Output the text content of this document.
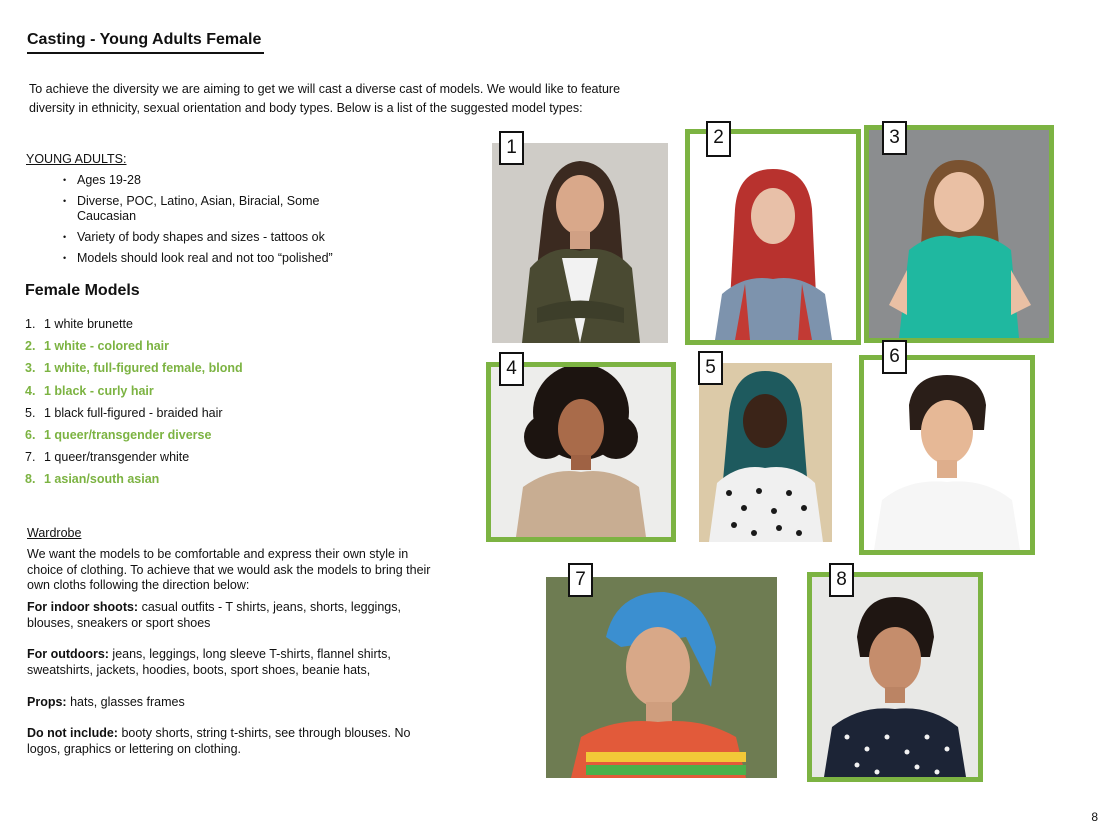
Casting - Young Adults Female
To achieve the diversity we are aiming to get we will cast a diverse cast of models. We would like to feature diversity in ethnicity, sexual orientation and body types. Below is a list of the suggested model types:
YOUNG ADULTS:
• Ages 19-28
• Diverse, POC, Latino, Asian, Biracial, Some Caucasian
• Variety of body shapes and sizes - tattoos ok
• Models should look real and not too “polished”
Female Models
1. 1 white brunette
2. 1 white - colored hair
3. 1 white, full-figured female, blond
4. 1 black - curly hair
5. 1 black full-figured - braided hair
6. 1 queer/transgender diverse
7. 1 queer/transgender white
8. 1 asian/south asian
Wardrobe
We want the models to be comfortable and express their own style in choice of clothing. To achieve that we would ask the models to bring their own cloths following the direction below:
For indoor shoots: casual outfits - T shirts, jeans, shorts, leggings, blouses, sneakers or sport shoes
For outdoors: jeans, leggings, long sleeve T-shirts, flannel shirts, sweatshirts, jackets, hoodies, boots, sport shoes, beanie hats,
Props: hats, glasses frames
Do not include: booty shorts, string t-shirts, see through blouses. No logos, graphics or lettering on clothing.
1	2	3
4	5
6
7	8
8
